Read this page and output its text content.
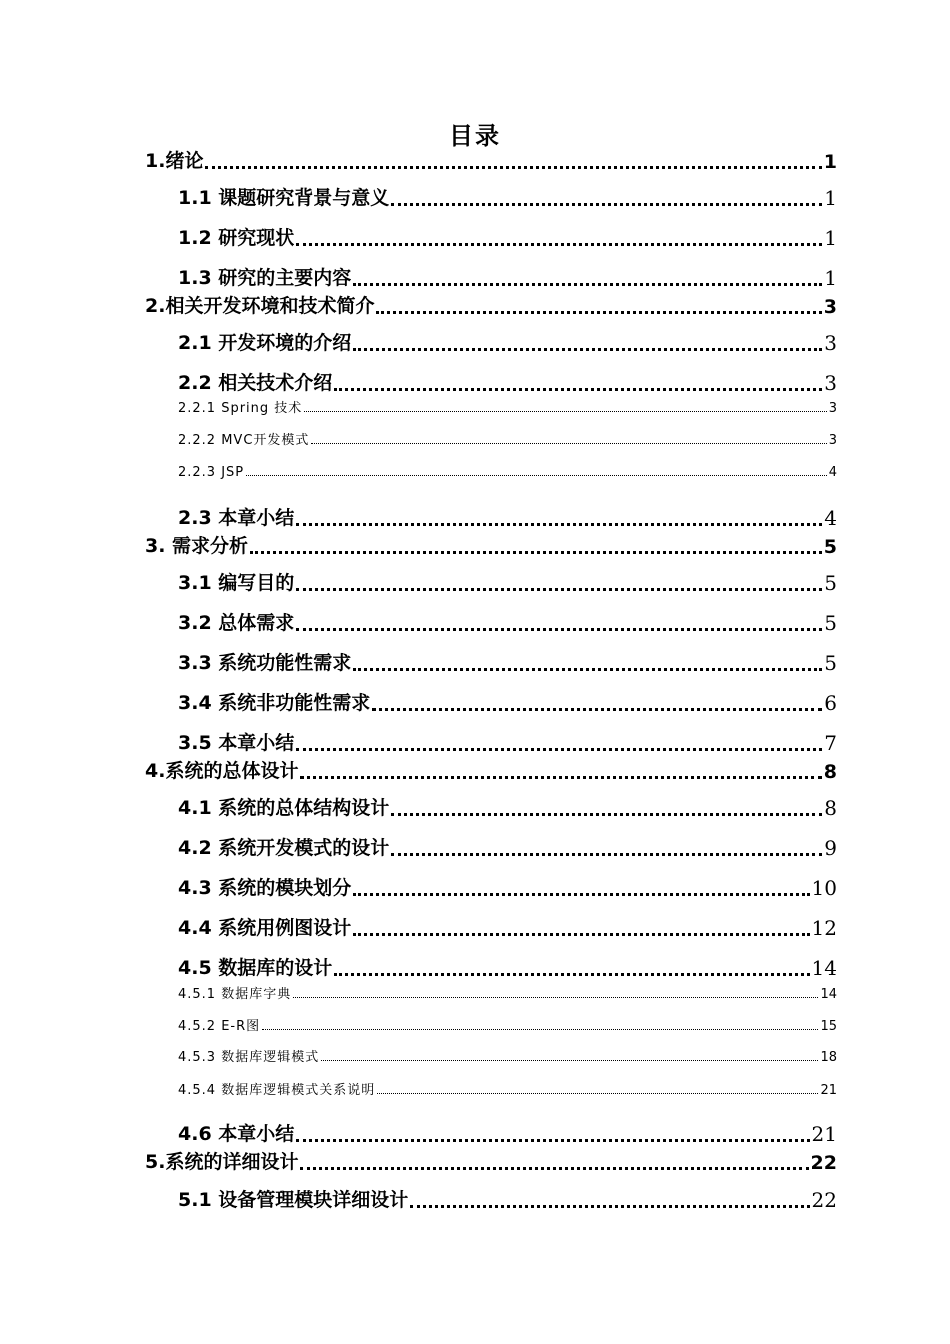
目录
1.绪论	1
1.1 课题研究背景与意义	1
1.2 研究现状	1
1.3 研究的主要内容	1
2.相关开发环境和技术简介	3
2.1 开发环境的介绍	3
2.2 相关技术介绍	3
2.2.1 Spring 技术	3
2.2.2 MVC开发模式	3
2.2.3 JSP	4
2.3 本章小结	4
3. 需求分析	5
3.1 编写目的	5
3.2 总体需求	5
3.3 系统功能性需求	5
3.4 系统非功能性需求	6
3.5 本章小结	7
4.系统的总体设计	8
4.1 系统的总体结构设计	8
4.2 系统开发模式的设计	9
4.3 系统的模块划分	10
4.4 系统用例图设计	12
4.5 数据库的设计	14
4.5.1 数据库字典	14
4.5.2 E-R图	15
4.5.3 数据库逻辑模式	18
4.5.4 数据库逻辑模式关系说明	21
4.6 本章小结	21
5.系统的详细设计	22
5.1 设备管理模块详细设计	22
